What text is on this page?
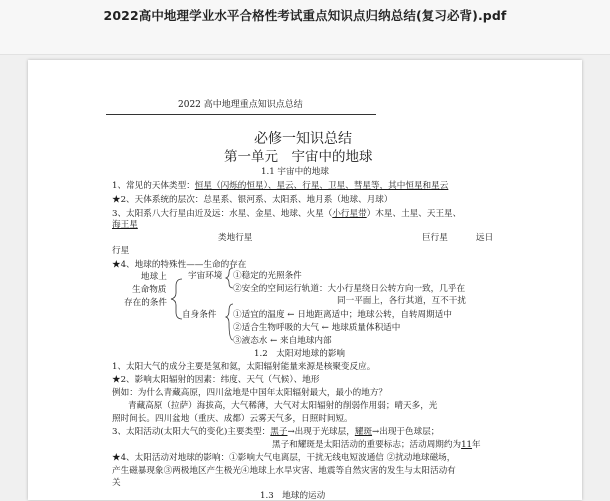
2022高中地理学业水平合格性考试重点知识点归纳总结(复习必背).pdf
2022 高中地理重点知识点总结
必修一知识总结
第一单元　宇宙中的地球
1.1 宇宙中的地球
1、常见的天体类型：恒星（闪烁的恒星）、星云、行星、卫星、彗星等，其中恒星和星云
★2、天体系统的层次：总星系、银河系、太阳系、地月系（地球、月球）
3、太阳系八大行星由近及远：水星、金星、地球、火星（小行星带）木星、土星、天王星、
海王星
类地行星	巨行星	远日
行星
★4、地球的特殊性——生命的存在
地球上
生命物质
存在的条件
宇宙环境 ①稳定的光照条件
②安全的空间运行轨道：大小行星绕日公转方向一致，几乎在
同一平面上，各行其道，互不干扰
自身条件 ①适宜的温度 ← 日地距离适中；地球公转，自转周期适中
②适合生物呼吸的大气 ← 地球质量体积适中
③液态水 ← 来自地球内部
1.2　太阳对地球的影响
1、太阳大气的成分主要是氢和氦，太阳辐射能量来源是核聚变反应。
★2、影响太阳辐射的因素：纬度、天气（气候）、地形
例如：为什么青藏高原，四川盆地是中国年太阳辐射最大，最小的地方？
青藏高原（拉萨）海拔高，大气稀薄，大气对太阳辐射的削弱作用弱；晴天多，光
照时间长。四川盆地（重庆、成都）云雾天气多，日照时间短。
3、太阳活动(太阳大气的变化)主要类型：黑子→出现于光球层，耀斑→出现于色球层；
黑子和耀斑是太阳活动的重要标志；活动周期约为11年
★4、太阳活动对地球的影响：①影响大气电离层，干扰无线电短波通信 ②扰动地球磁场，
产生磁暴现象③两极地区产生极光④地球上水旱灾害、地震等自然灾害的发生与太阳活动有
关
1.3　地球的运动
